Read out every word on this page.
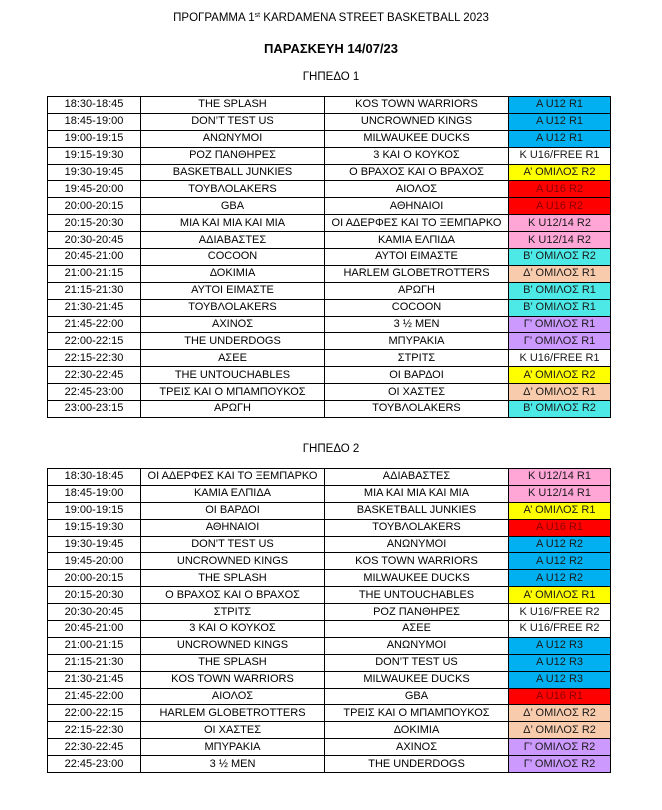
ΠΡΟΓΡΑΜΜΑ 1st KARDAMENA STREET BASKETBALL 2023
ΠΑΡΑΣΚΕΥΗ 14/07/23
ΓΗΠΕΔΟ 1
18:30-18:45	THE SPLASH	KOS TOWN WARRIORS	A U12 R1
18:45-19:00	DON’T TEST US	UNCROWNED KINGS	A U12 R1
19:00-19:15	ΑΝΩΝΥΜΟΙ	MILWAUKEE DUCKS	A U12 R1
19:15-19:30	ΡΟΖ ΠΑΝΘΗΡΕΣ	3 ΚΑΙ Ο ΚΟΥΚΟΣ	K U16/FREE R1
19:30-19:45	BASKETBALL JUNKIES	Ο ΒΡΑΧΟΣ ΚΑΙ Ο ΒΡΑΧΟΣ	Α’ ΟΜΙΛΟΣ R2
19:45-20:00	ΤΟΥΒΛΟLAKERS	ΑΙΟΛΟΣ	A U16 R2
20:00-20:15	GBA	ΑΘΗΝΑΙΟΙ	A U16 R2
20:15-20:30	ΜΙΑ ΚΑΙ ΜΙΑ ΚΑΙ ΜΙΑ	ΟΙ ΑΔΕΡΦΕΣ ΚΑΙ ΤΟ ΞΕΜΠΑΡΚΟ	K U12/14 R2
20:30-20:45	ΑΔΙΑΒΑΣΤΕΣ	ΚΑΜΙΑ ΕΛΠΙΔΑ	K U12/14 R2
20:45-21:00	COCOON	ΑΥΤΟΙ ΕΙΜΑΣΤΕ	Β’ ΟΜΙΛΟΣ R2
21:00-21:15	ΔΟΚΙΜΙΑ	HARLEM GLOBETROTTERS	Δ’ ΟΜΙΛΟΣ R1
21:15-21:30	ΑΥΤΟΙ ΕΙΜΑΣΤΕ	ΑΡΩΓΗ	Β’ ΟΜΙΛΟΣ R1
21:30-21:45	ΤΟΥΒΛΟLAKERS	COCOON	Β’ ΟΜΙΛΟΣ R1
21:45-22:00	ΑΧΙΝΟΣ	3 ½ MEN	Γ’ ΟΜΙΛΟΣ R1
22:00-22:15	THE UNDERDOGS	ΜΠΥΡΑΚΙΑ	Γ’ ΟΜΙΛΟΣ R1
22:15-22:30	ΑΣΕΕ	ΣΤΡΙΤΣ	K U16/FREE R1
22:30-22:45	THE UNTOUCHABLES	ΟΙ ΒΑΡΔΟΙ	Α’ ΟΜΙΛΟΣ R2
22:45-23:00	ΤΡΕΙΣ ΚΑΙ Ο ΜΠΑΜΠΟΥΚΟΣ	ΟΙ ΧΑΣΤΕΣ	Δ’ ΟΜΙΛΟΣ R1
23:00-23:15	ΑΡΩΓΗ	ΤΟΥΒΛΟLAKERS	Β’ ΟΜΙΛΟΣ R2
ΓΗΠΕΔΟ 2
18:30-18:45	ΟΙ ΑΔΕΡΦΕΣ ΚΑΙ ΤΟ ΞΕΜΠΑΡΚΟ	ΑΔΙΑΒΑΣΤΕΣ	K U12/14 R1
18:45-19:00	ΚΑΜΙΑ ΕΛΠΙΔΑ	ΜΙΑ ΚΑΙ ΜΙΑ ΚΑΙ ΜΙΑ	K U12/14 R1
19:00-19:15	ΟΙ ΒΑΡΔΟΙ	BASKETBALL JUNKIES	Α’ ΟΜΙΛΟΣ R1
19:15-19:30	ΑΘΗΝΑΙΟΙ	ΤΟΥΒΛΟLAKERS	A U16 R1
19:30-19:45	DON’T TEST US	ΑΝΩΝΥΜΟΙ	A U12 R2
19:45-20:00	UNCROWNED KINGS	KOS TOWN WARRIORS	A U12 R2
20:00-20:15	THE SPLASH	MILWAUKEE DUCKS	A U12 R2
20:15-20:30	Ο ΒΡΑΧΟΣ ΚΑΙ Ο ΒΡΑΧΟΣ	THE UNTOUCHABLES	Α’ ΟΜΙΛΟΣ R1
20:30-20:45	ΣΤΡΙΤΣ	ΡΟΖ ΠΑΝΘΗΡΕΣ	K U16/FREE R2
20:45-21:00	3 ΚΑΙ Ο ΚΟΥΚΟΣ	ΑΣΕΕ	K U16/FREE R2
21:00-21:15	UNCROWNED KINGS	ΑΝΩΝΥΜΟΙ	A U12 R3
21:15-21:30	THE SPLASH	DON’T TEST US	A U12 R3
21:30-21:45	KOS TOWN WARRIORS	MILWAUKEE DUCKS	A U12 R3
21:45-22:00	ΑΙΟΛΟΣ	GBA	A U16 R1
22:00-22:15	HARLEM GLOBETROTTERS	ΤΡΕΙΣ ΚΑΙ Ο ΜΠΑΜΠΟΥΚΟΣ	Δ’ ΟΜΙΛΟΣ R2
22:15-22:30	ΟΙ ΧΑΣΤΕΣ	ΔΟΚΙΜΙΑ	Δ’ ΟΜΙΛΟΣ R2
22:30-22:45	ΜΠΥΡΑΚΙΑ	ΑΧΙΝΟΣ	Γ’ ΟΜΙΛΟΣ R2
22:45-23:00	3 ½ MEN	THE UNDERDOGS	Γ’ ΟΜΙΛΟΣ R2
